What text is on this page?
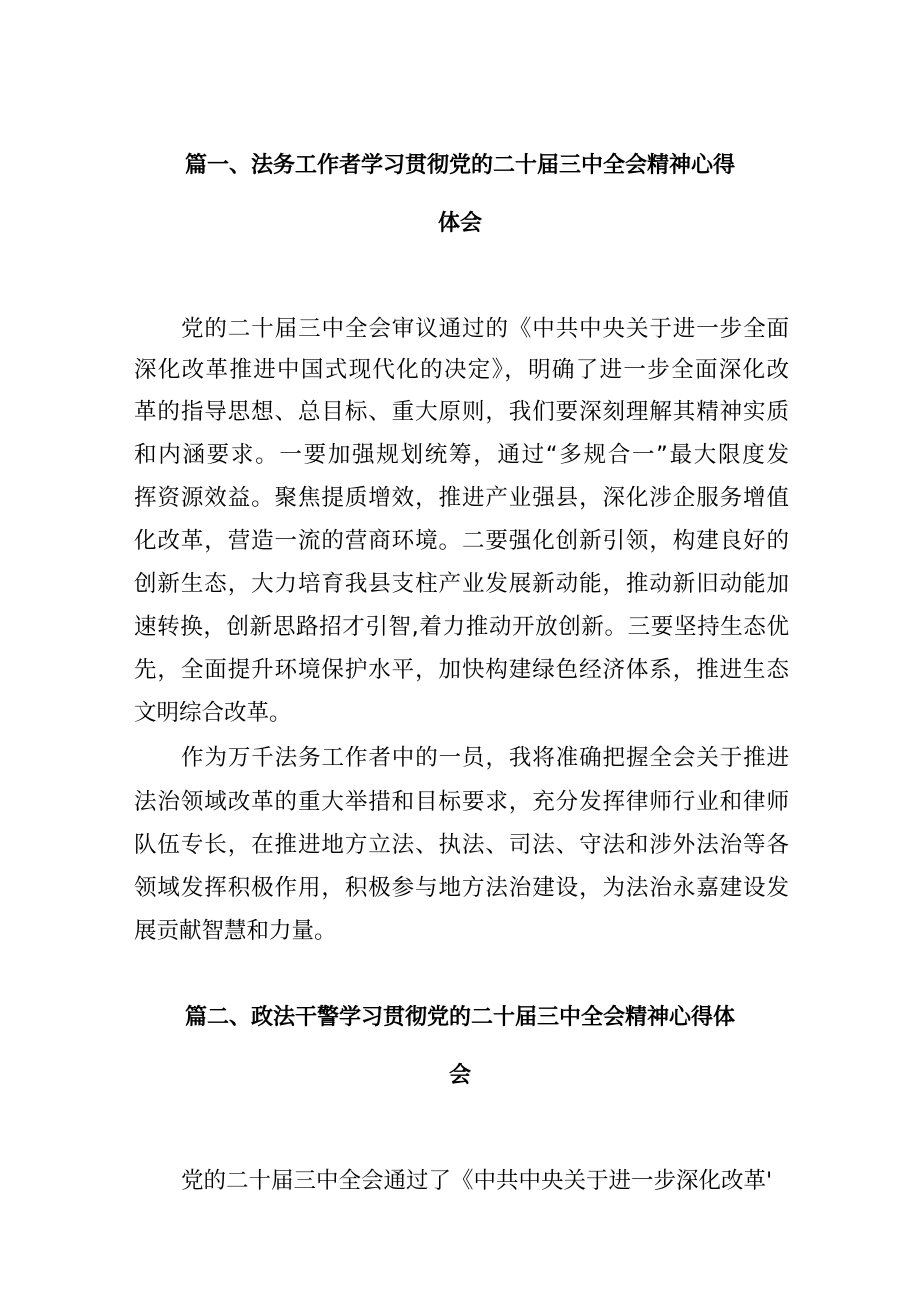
篇一、法务工作者学习贯彻党的二十届三中全会精神心得
体会
党的二十届三中全会审议通过的《中共中央关于进一步全面
深化改革推进中国式现代化的决定》，明确了进一步全面深化改
革的指导思想、总目标、重大原则，我们要深刻理解其精神实质
和内涵要求。一要加强规划统筹，通过“多规合一”最大限度发
挥资源效益。聚焦提质增效，推进产业强县，深化涉企服务增值
化改革，营造一流的营商环境。二要强化创新引领，构建良好的
创新生态，大力培育我县支柱产业发展新动能，推动新旧动能加
速转换，创新思路招才引智,着力推动开放创新。三要坚持生态优
先，全面提升环境保护水平，加快构建绿色经济体系，推进生态
文明综合改革。
作为万千法务工作者中的一员，我将准确把握全会关于推进
法治领域改革的重大举措和目标要求，充分发挥律师行业和律师
队伍专长，在推进地方立法、执法、司法、守法和涉外法治等各
领域发挥积极作用，积极参与地方法治建设，为法治永嘉建设发
展贡献智慧和力量。
篇二、政法干警学习贯彻党的二十届三中全会精神心得体
会
党的二十届三中全会通过了《中共中央关于进一步深化改革'
